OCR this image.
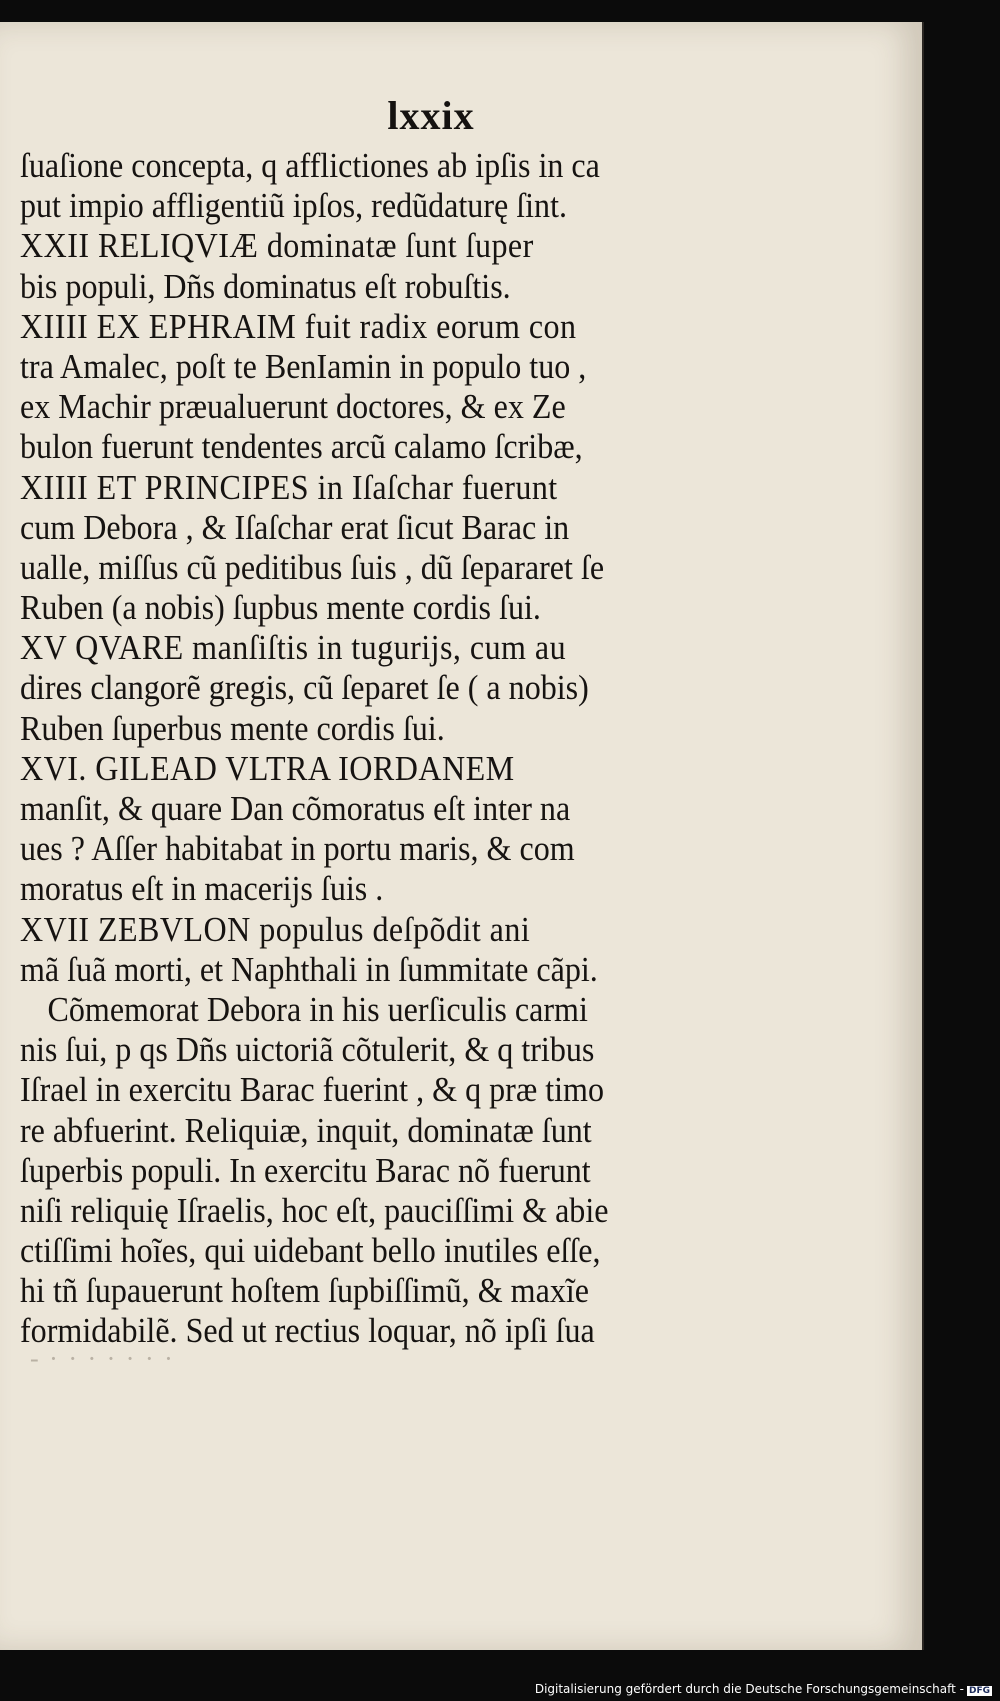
lxxix
ſuaſione concepta, q afflictiones ab ipſis in ca
put impio affligentiũ ipſos, redũdaturę ſint.
XXII RELIQVIÆ dominatæ ſunt ſuper
bis populi, Dñs dominatus eſt robuſtis.
XIIII EX EPHRAIM fuit radix eorum con
tra Amalec, poſt te BenIamin in populo tuo ,
ex Machir præualuerunt doctores, & ex Ze
bulon fuerunt tendentes arcũ calamo ſcribæ,
XIIII ET PRINCIPES in Iſaſchar fuerunt
cum Debora , & Iſaſchar erat ſicut Barac in
ualle, miſſus cũ peditibus ſuis , dũ ſepararet ſe
Ruben (a nobis) ſupbus mente cordis ſui.
XV QVARE manſiſtis in tugurijs, cum au
dires clangorẽ gregis, cũ ſeparet ſe ( a nobis)
Ruben ſuperbus mente cordis ſui.
XVI. GILEAD VLTRA IORDANEM
manſit, & quare Dan cõmoratus eſt inter na
ues ? Aſſer habitabat in portu maris, & com
moratus eſt in macerijs ſuis .
XVII ZEBVLON populus deſpõdit ani
mã ſuã morti, et Naphthali in ſummitate cãpi.
Cõmemorat Debora in his uerſiculis carmi
nis ſui, p qs Dñs uictoriã cõtulerit, & q tribus
Iſrael in exercitu Barac fuerint , & q præ timo
re abfuerint. Reliquiæ, inquit, dominatæ ſunt
ſuperbis populi. In exercitu Barac nõ fuerunt
niſi reliquię Iſraelis, hoc eſt, pauciſſimi & abie
ctiſſimi hoĩes, qui uidebant bello inutiles eſſe,
hi tñ ſupauerunt hoſtem ſupbiſſimũ, & maxĩe
formidabilẽ. Sed ut rectius loquar, nõ ipſi ſua
- · · · · · · ·
Digitalisierung gefördert durch die Deutsche Forschungsgemeinschaft - DFG
